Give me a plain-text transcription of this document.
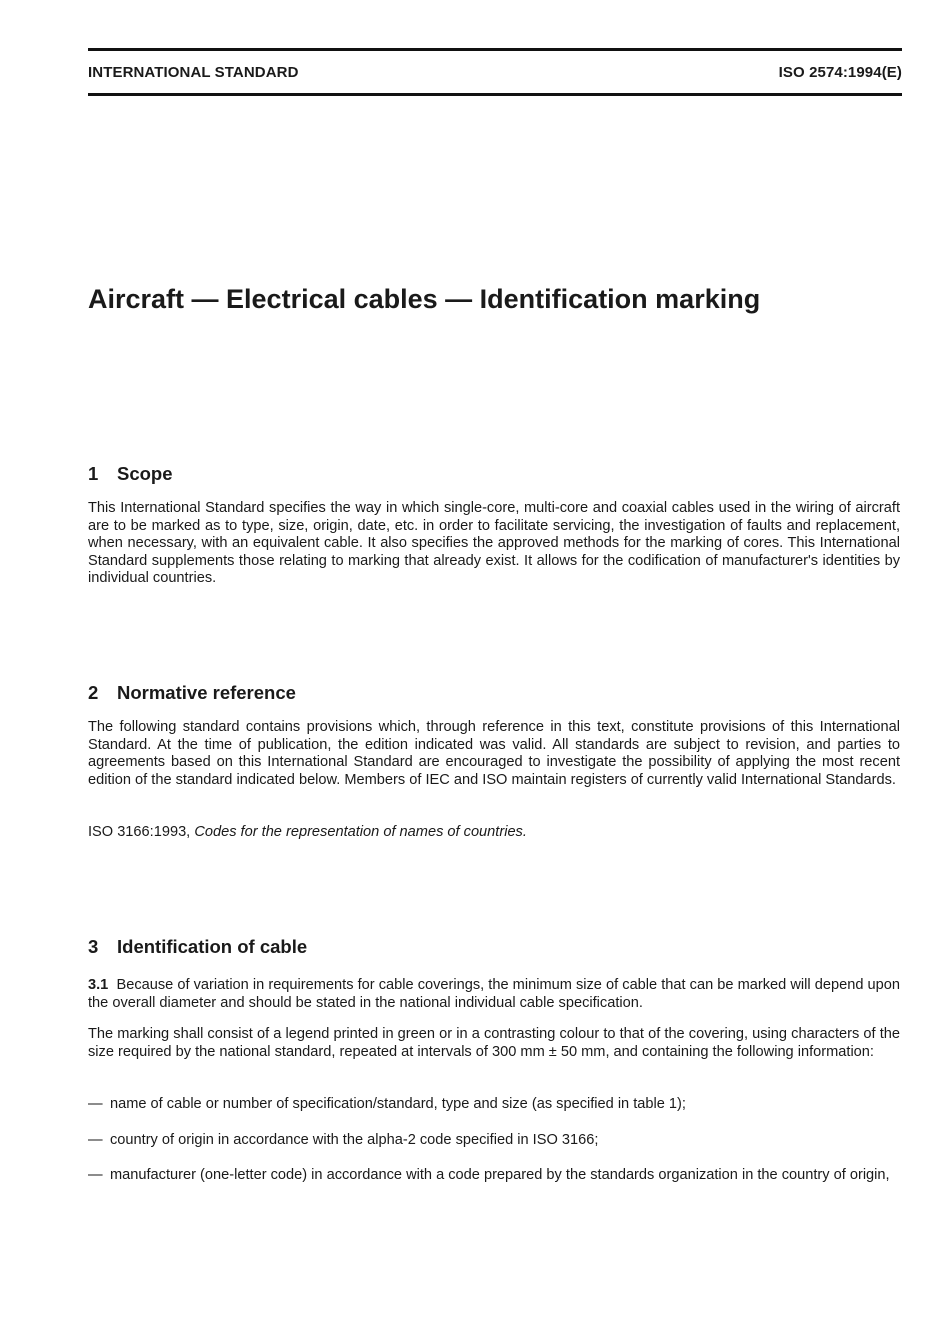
INTERNATIONAL STANDARD	ISO 2574:1994(E)
Aircraft — Electrical cables — Identification marking
1 Scope

This International Standard specifies the way in which single-core, multi-core and coaxial cables used in the wiring of aircraft are to be marked as to type, size, origin, date, etc. in order to facilitate servicing, the investigation of faults and replacement, when necessary, with an equivalent cable. It also specifies the approved methods for the marking of cores. This International Standard supplements those relating to marking that already exist. It allows for the codification of manufacturer's identities by individual countries.

2 Normative reference

The following standard contains provisions which, through reference in this text, constitute provisions of this International Standard. At the time of publication, the edition indicated was valid. All standards are subject to revision, and parties to agreements based on this International Standard are encouraged to investigate the possibility of applying the most recent edition of the standard indicated below. Members of IEC and ISO maintain registers of currently valid International Standards.

ISO 3166:1993, Codes for the representation of names of countries.

3 Identification of cable

3.1 Because of variation in requirements for cable coverings, the minimum size of cable that can be marked will depend upon the overall diameter and should be stated in the national individual cable specification.

The marking shall consist of a legend printed in green or in a contrasting colour to that of the covering, using characters of the size required by the national standard, repeated at intervals of 300 mm ± 50 mm, and containing the following information:

— name of cable or number of specification/standard, type and size (as specified in table 1);
— country of origin in accordance with the alpha-2 code specified in ISO 3166;
— manufacturer (one-letter code) in accordance with a code prepared by the standards organization in the country of origin,
